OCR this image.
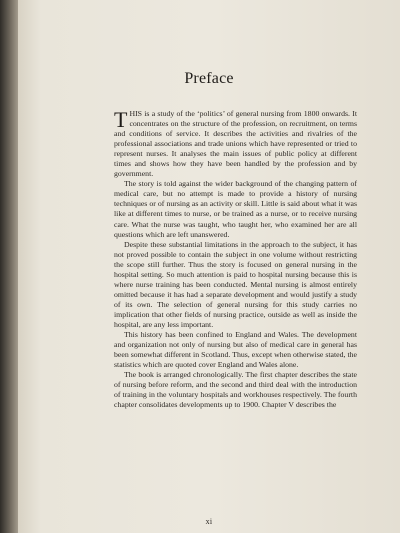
Preface

THIS is a study of the ‘politics’ of general nursing from 1800 onwards. It concentrates on the structure of the profession, on recruitment, on terms and conditions of service. It describes the activities and rivalries of the professional associations and trade unions which have represented or tried to represent nurses. It analyses the main issues of public policy at different times and shows how they have been handled by the profession and by government.

The story is told against the wider background of the changing pattern of medical care, but no attempt is made to provide a history of nursing techniques or of nursing as an activity or skill. Little is said about what it was like at different times to nurse, or be trained as a nurse, or to receive nursing care. What the nurse was taught, who taught her, who examined her are all questions which are left unanswered.

Despite these substantial limitations in the approach to the subject, it has not proved possible to contain the subject in one volume without restricting the scope still further. Thus the story is focused on general nursing in the hospital setting. So much attention is paid to hospital nursing because this is where nurse training has been conducted. Mental nursing is almost entirely omitted because it has had a separate development and would justify a study of its own. The selection of general nursing for this study carries no implication that other fields of nursing practice, outside as well as inside the hospital, are any less important.

This history has been confined to England and Wales. The development and organization not only of nursing but also of medical care in general has been somewhat different in Scotland. Thus, except when otherwise stated, the statistics which are quoted cover England and Wales alone.

The book is arranged chronologically. The first chapter describes the state of nursing before reform, and the second and third deal with the introduction of training in the voluntary hospitals and workhouses respectively. The fourth chapter consolidates developments up to 1900. Chapter V describes the

xi
